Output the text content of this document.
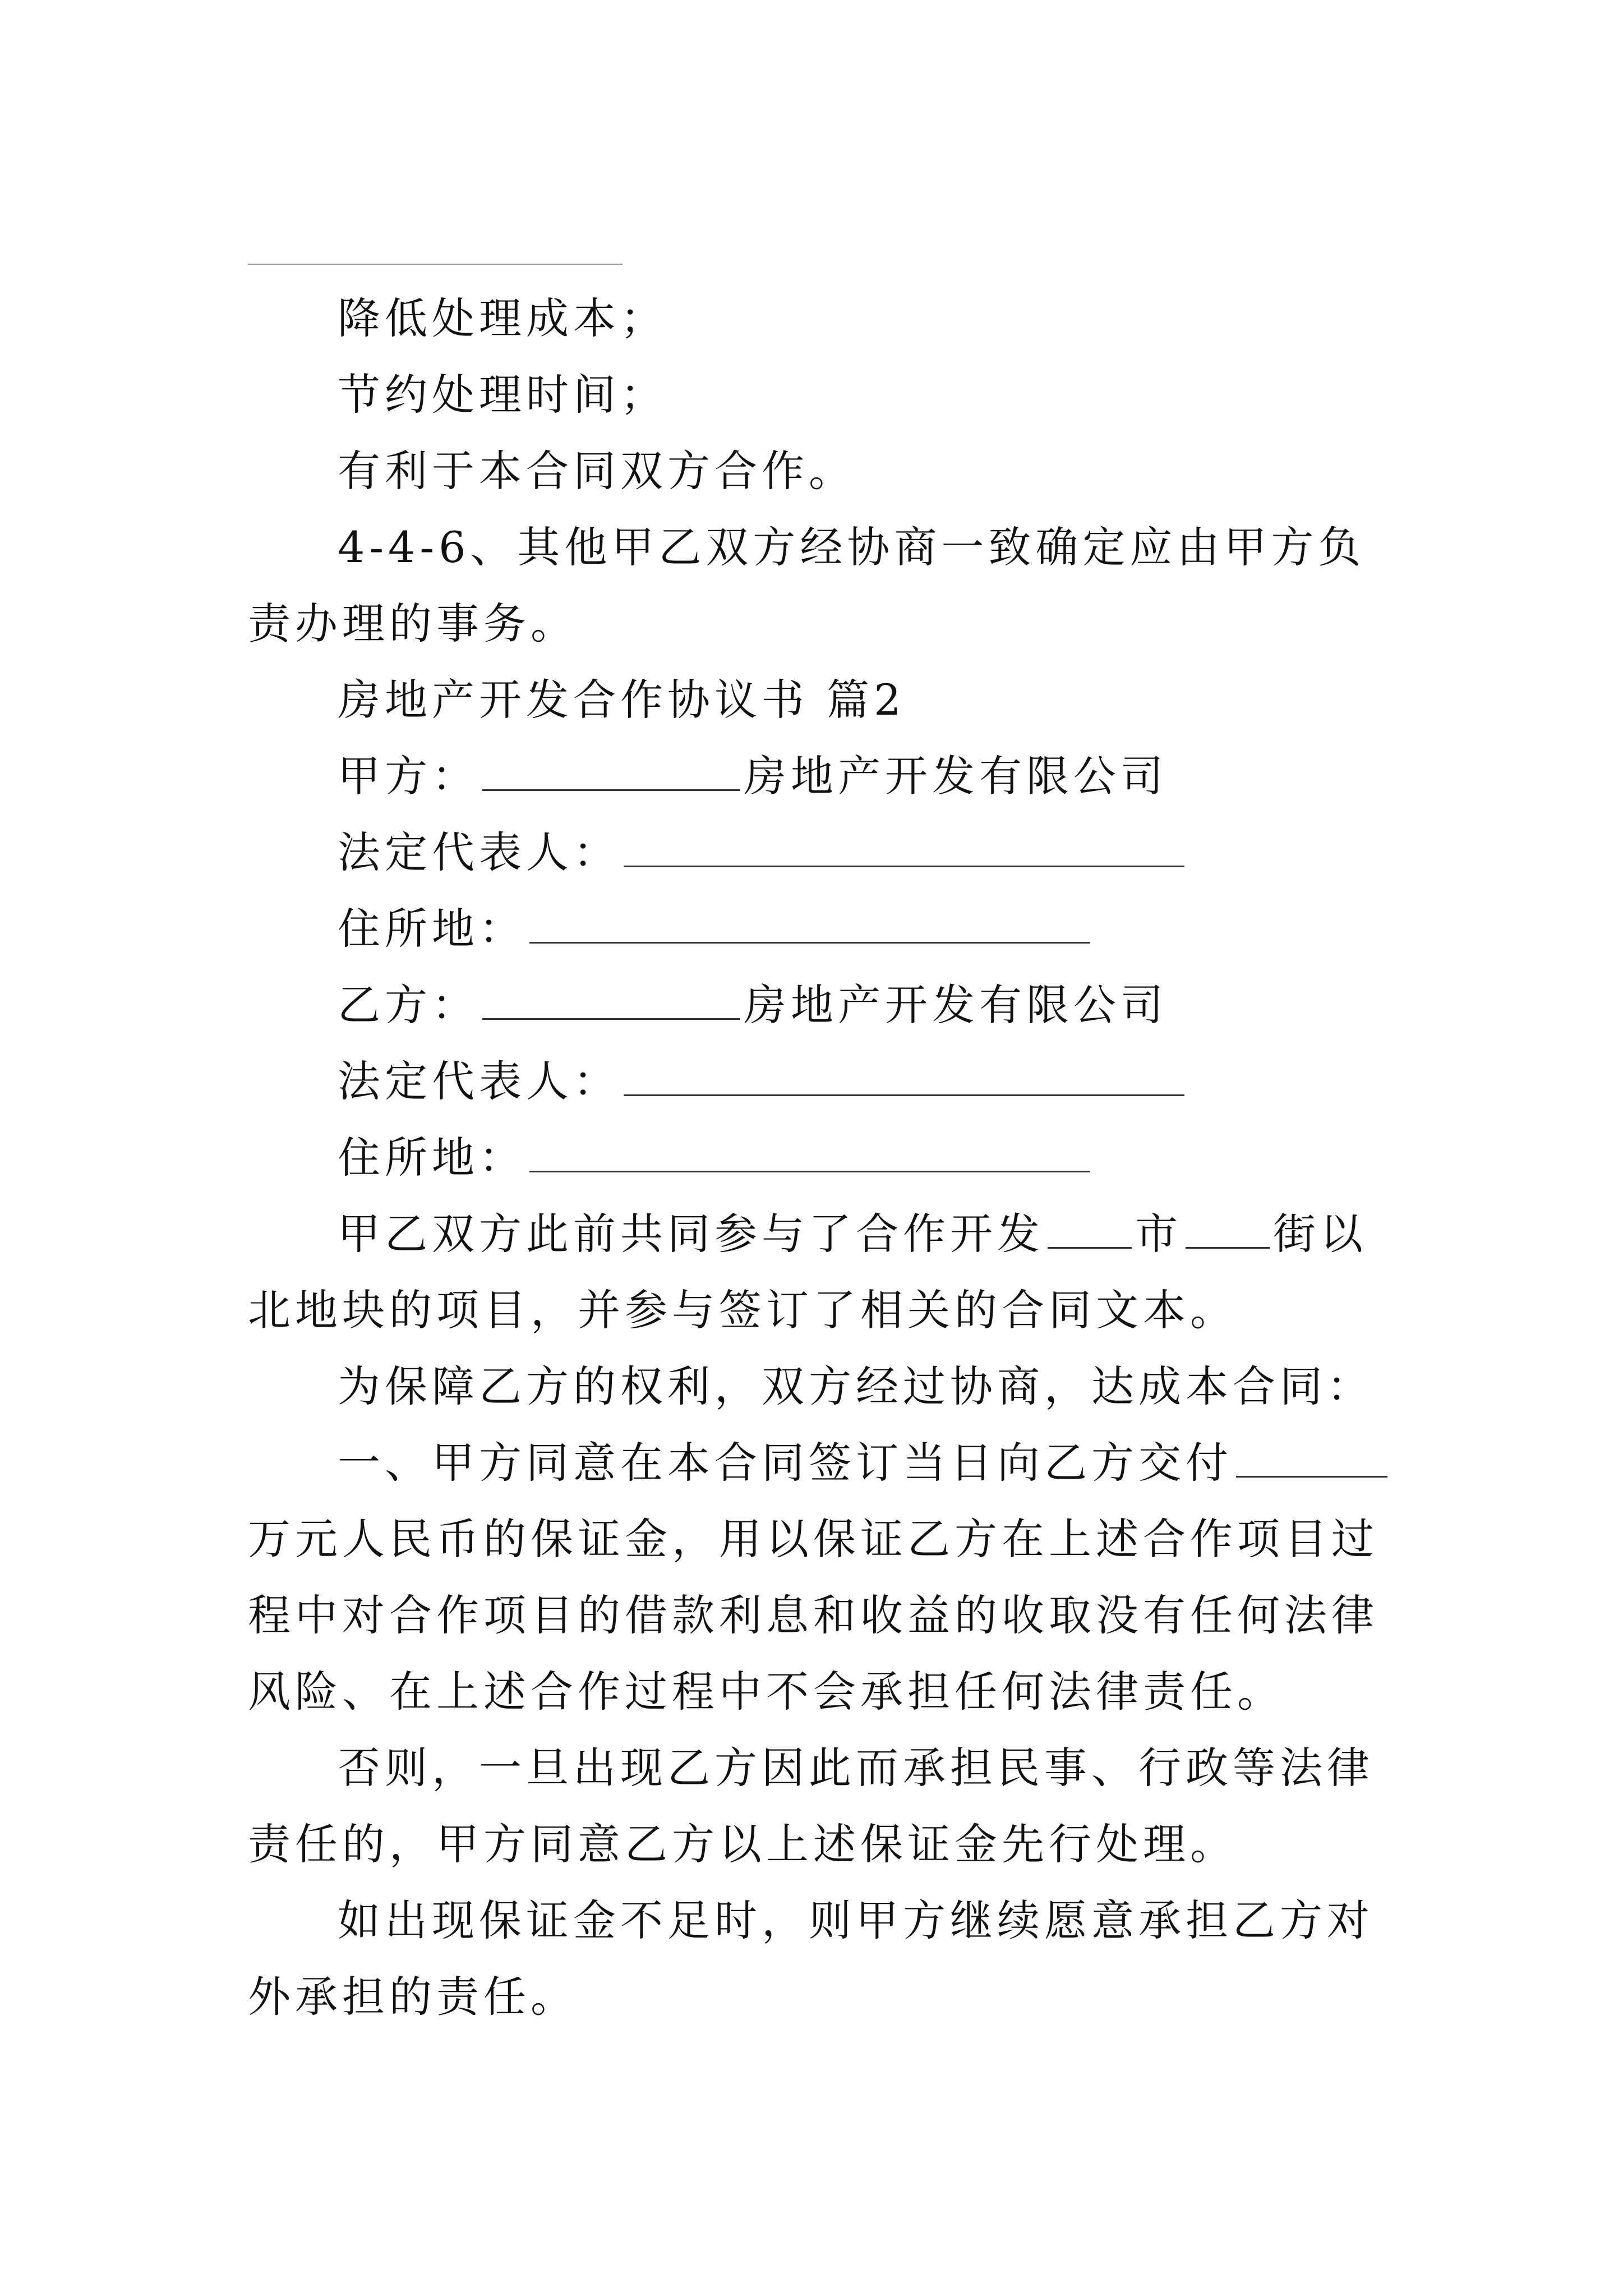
降低处理成本；

节约处理时间；

有利于本合同双方合作。

4-4-6、其他甲乙双方经协商一致确定应由甲方负责办理的事务。

房地产开发合作协议书 篇2

甲方：	房地产开发有限公司

法定代表人：

住所地：

乙方：	房地产开发有限公司

法定代表人：

住所地：

甲乙双方此前共同参与了合作开发 市 街以北地块的项目，并参与签订了相关的合同文本。

为保障乙方的权利，双方经过协商，达成本合同：

一、甲方同意在本合同签订当日向乙方交付万元人民币的保证金，用以保证乙方在上述合作项目过程中对合作项目的借款利息和收益的收取没有任何法律风险、在上述合作过程中不会承担任何法律责任。

否则，一旦出现乙方因此而承担民事、行政等法律责任的，甲方同意乙方以上述保证金先行处理。

如出现保证金不足时，则甲方继续愿意承担乙方对外承担的责任。
